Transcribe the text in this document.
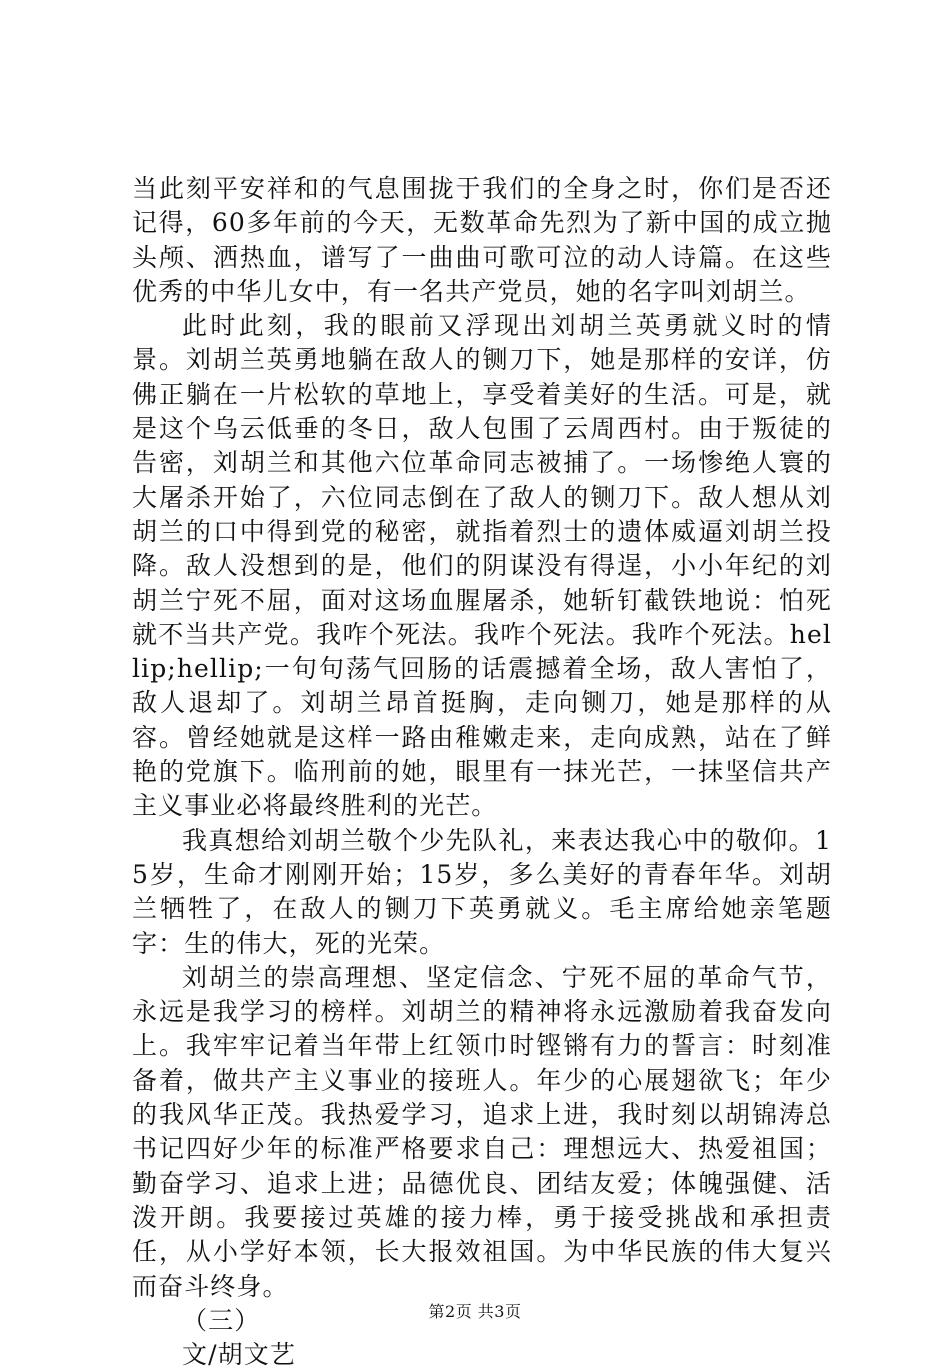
当此刻平安祥和的气息围拢于我们的全身之时，你们是否还记得，60多年前的今天，无数革命先烈为了新中国的成立抛头颅、洒热血，谱写了一曲曲可歌可泣的动人诗篇。在这些优秀的中华儿女中，有一名共产党员，她的名字叫刘胡兰。

此时此刻，我的眼前又浮现出刘胡兰英勇就义时的情景。刘胡兰英勇地躺在敌人的铡刀下，她是那样的安详，仿佛正躺在一片松软的草地上，享受着美好的生活。可是，就是这个乌云低垂的冬日，敌人包围了云周西村。由于叛徒的告密，刘胡兰和其他六位革命同志被捕了。一场惨绝人寰的大屠杀开始了，六位同志倒在了敌人的铡刀下。敌人想从刘胡兰的口中得到党的秘密，就指着烈士的遗体威逼刘胡兰投降。敌人没想到的是，他们的阴谋没有得逞，小小年纪的刘胡兰宁死不屈，面对这场血腥屠杀，她斩钉截铁地说：怕死就不当共产党。我咋个死法。我咋个死法。我咋个死法。hellip;hellip;一句句荡气回肠的话震撼着全场，敌人害怕了，敌人退却了。刘胡兰昂首挺胸，走向铡刀，她是那样的从容。曾经她就是这样一路由稚嫩走来，走向成熟，站在了鲜艳的党旗下。临刑前的她，眼里有一抹光芒，一抹坚信共产主义事业必将最终胜利的光芒。

我真想给刘胡兰敬个少先队礼，来表达我心中的敬仰。15岁，生命才刚刚开始；15岁，多么美好的青春年华。刘胡兰牺牲了，在敌人的铡刀下英勇就义。毛主席给她亲笔题字：生的伟大，死的光荣。

刘胡兰的崇高理想、坚定信念、宁死不屈的革命气节，永远是我学习的榜样。刘胡兰的精神将永远激励着我奋发向上。我牢牢记着当年带上红领巾时铿锵有力的誓言：时刻准备着，做共产主义事业的接班人。年少的心展翅欲飞；年少的我风华正茂。我热爱学习，追求上进，我时刻以胡锦涛总书记四好少年的标准严格要求自己：理想远大、热爱祖国；勤奋学习、追求上进；品德优良、团结友爱；体魄强健、活泼开朗。我要接过英雄的接力棒，勇于接受挑战和承担责任，从小学好本领，长大报效祖国。为中华民族的伟大复兴而奋斗终身。

（三）

文/胡文艺

第2页 共3页
